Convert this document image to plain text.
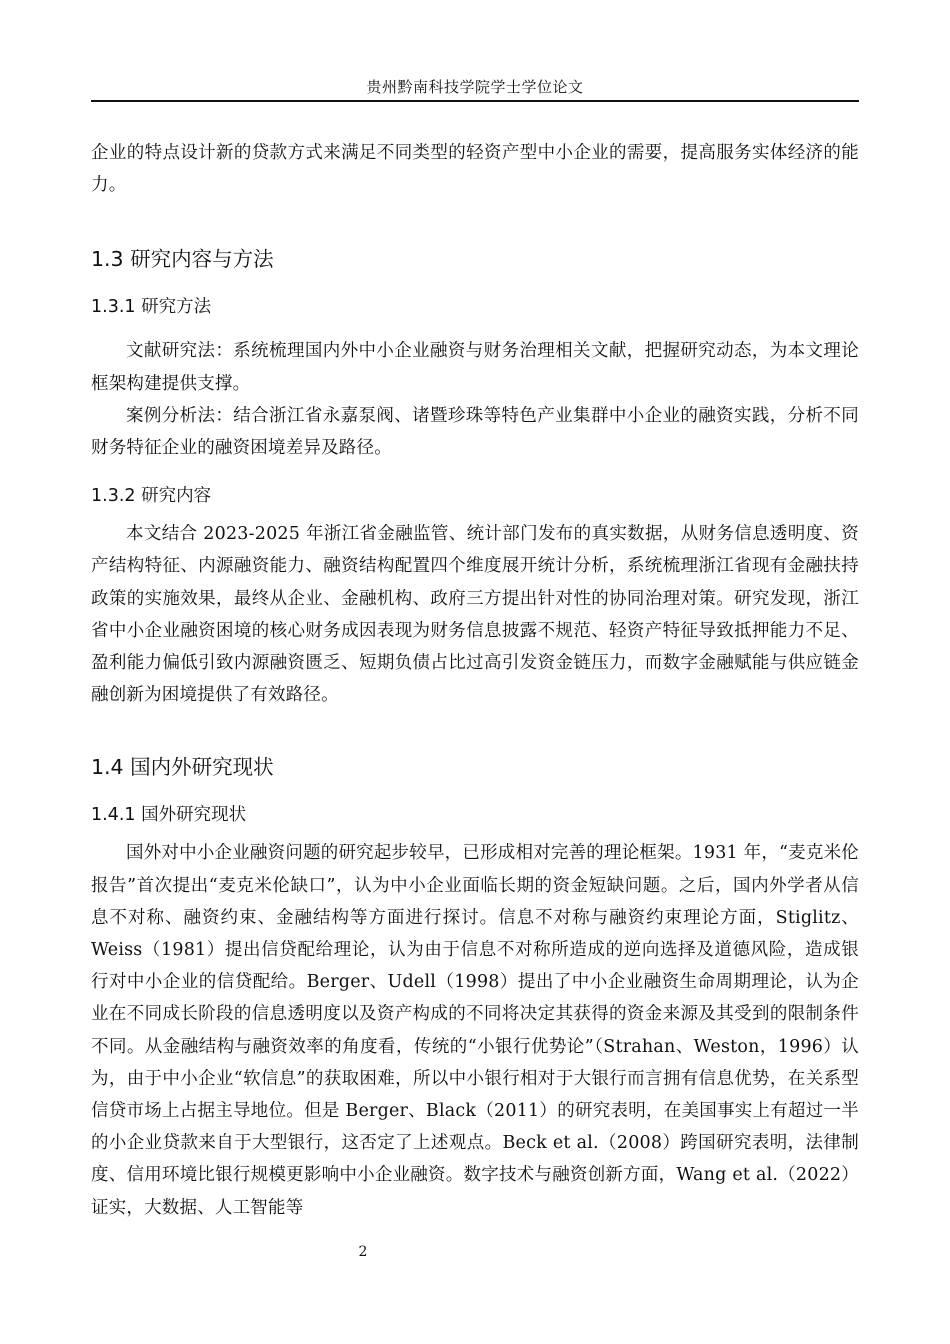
贵州黔南科技学院学士学位论文

企业的特点设计新的贷款方式来满足不同类型的轻资产型中小企业的需要，提高服务实体经济的能力。

1.3 研究内容与方法
1.3.1 研究方法

文献研究法：系统梳理国内外中小企业融资与财务治理相关文献，把握研究动态，为本文理论框架构建提供支撑。

案例分析法：结合浙江省永嘉泵阀、诸暨珍珠等特色产业集群中小企业的融资实践，分析不同财务特征企业的融资困境差异及路径。

1.3.2 研究内容

本文结合 2023-2025 年浙江省金融监管、统计部门发布的真实数据，从财务信息透明度、资产结构特征、内源融资能力、融资结构配置四个维度展开统计分析，系统梳理浙江省现有金融扶持政策的实施效果，最终从企业、金融机构、政府三方提出针对性的协同治理对策。研究发现，浙江省中小企业融资困境的核心财务成因表现为财务信息披露不规范、轻资产特征导致抵押能力不足、盈利能力偏低引致内源融资匮乏、短期负债占比过高引发资金链压力，而数字金融赋能与供应链金融创新为困境提供了有效路径。

1.4 国内外研究现状
1.4.1 国外研究现状

国外对中小企业融资问题的研究起步较早，已形成相对完善的理论框架。1931 年，“麦克米伦报告”首次提出“麦克米伦缺口”，认为中小企业面临长期的资金短缺问题。之后，国内外学者从信息不对称、融资约束、金融结构等方面进行探讨。信息不对称与融资约束理论方面，Stiglitz、Weiss（1981）提出信贷配给理论，认为由于信息不对称所造成的逆向选择及道德风险，造成银行对中小企业的信贷配给。Berger、Udell（1998）提出了中小企业融资生命周期理论，认为企业在不同成长阶段的信息透明度以及资产构成的不同将决定其获得的资金来源及其受到的限制条件不同。从金融结构与融资效率的角度看，传统的“小银行优势论”（Strahan、Weston，1996）认为，由于中小企业“软信息”的获取困难，所以中小银行相对于大银行而言拥有信息优势，在关系型信贷市场上占据主导地位。但是 Berger、Black（2011）的研究表明，在美国事实上有超过一半的小企业贷款来自于大型银行，这否定了上述观点。Beck et al.（2008）跨国研究表明，法律制度、信用环境比银行规模更影响中小企业融资。数字技术与融资创新方面，Wang et al.（2022）证实，大数据、人工智能等

2
